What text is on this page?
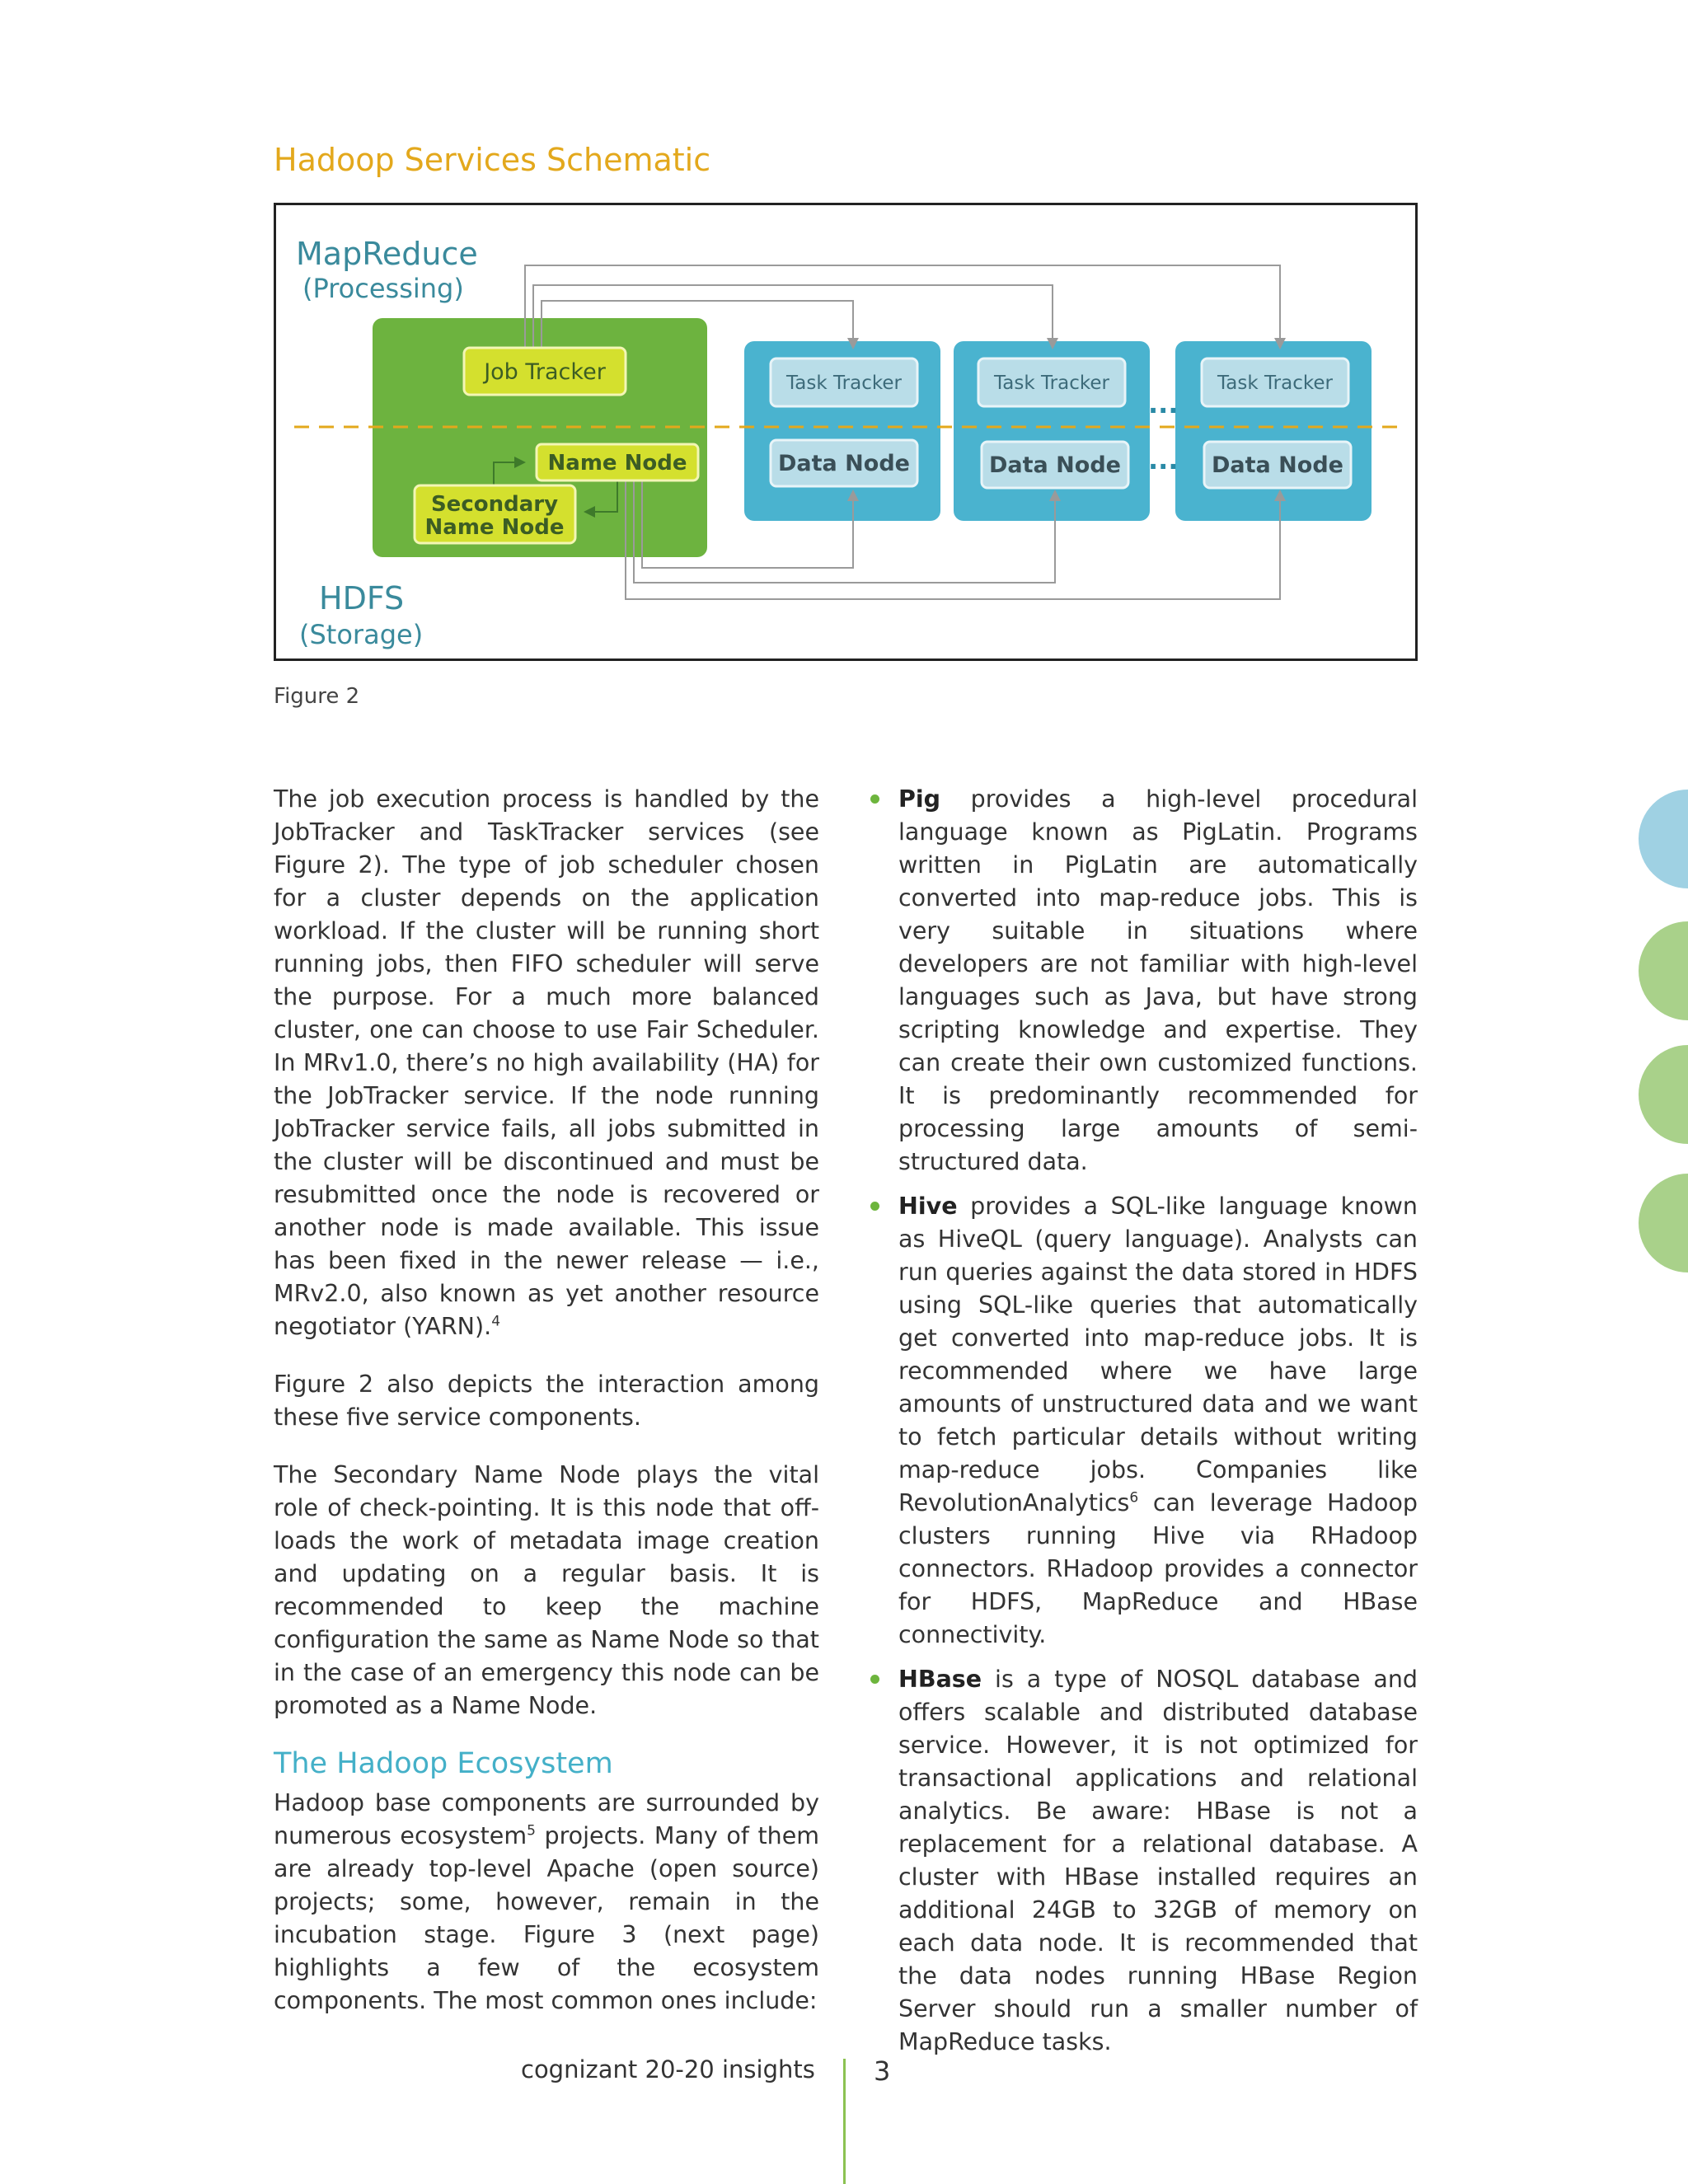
Hadoop Services Schematic
MapReduce
(Processing)
HDFS
(Storage)
Job Tracker
Name Node
Secondary
Name Node
Task Tracker	Task Tracker	Task Tracker
Data Node	Data Node	Data Node
...
...
Figure 2

The job execution process is handled by the JobTracker and TaskTracker services (see Figure 2). The type of job scheduler chosen for a cluster depends on the application workload. If the cluster will be running short running jobs, then FIFO scheduler will serve the purpose. For a much more balanced cluster, one can choose to use Fair Scheduler. In MRv1.0, there’s no high availability (HA) for the JobTracker service. If the node running JobTracker service fails, all jobs submitted in the cluster will be discontinued and must be resubmitted once the node is recovered or another node is made available. This issue has been fixed in the newer release — i.e., MRv2.0, also known as yet another resource negotiator (YARN).$^4$

Figure 2 also depicts the interaction among these five service components.

The Secondary Name Node plays the vital role of check-pointing. It is this node that off-loads the work of metadata image creation and updating on a regular basis. It is recommended to keep the machine configuration the same as Name Node so that in the case of an emergency this node can be promoted as a Name Node.

The Hadoop Ecosystem

Hadoop base components are surrounded by numerous ecosystem$^5$ projects. Many of them are already top-level Apache (open source) projects; some, however, remain in the incubation stage. Figure 3 (next page) highlights a few of the ecosystem components. The most common ones include:

Pig provides a high-level procedural language known as PigLatin. Programs written in PigLatin are automatically converted into map-reduce jobs. This is very suitable in situations where developers are not familiar with high-level languages such as Java, but have strong scripting knowledge and expertise. They can create their own customized functions. It is predominantly recommended for processing large amounts of semi-structured data.
Hive provides a SQL-like language known as HiveQL (query language). Analysts can run queries against the data stored in HDFS using SQL-like queries that automatically get converted into map-reduce jobs. It is recommended where we have large amounts of unstructured data and we want to fetch particular details without writing map-reduce jobs. Companies like RevolutionAnalytics$^6$ can leverage Hadoop clusters running Hive via RHadoop connectors. RHadoop provides a connector for HDFS, MapReduce and HBase connectivity.
HBase is a type of NOSQL database and offers scalable and distributed database service. However, it is not optimized for transactional applications and relational analytics. Be aware: HBase is not a replacement for a relational database. A cluster with HBase installed requires an additional 24GB to 32GB of memory on each data node. It is recommended that the data nodes running HBase Region Server should run a smaller number of MapReduce tasks.
cognizant 20-20 insights 3
